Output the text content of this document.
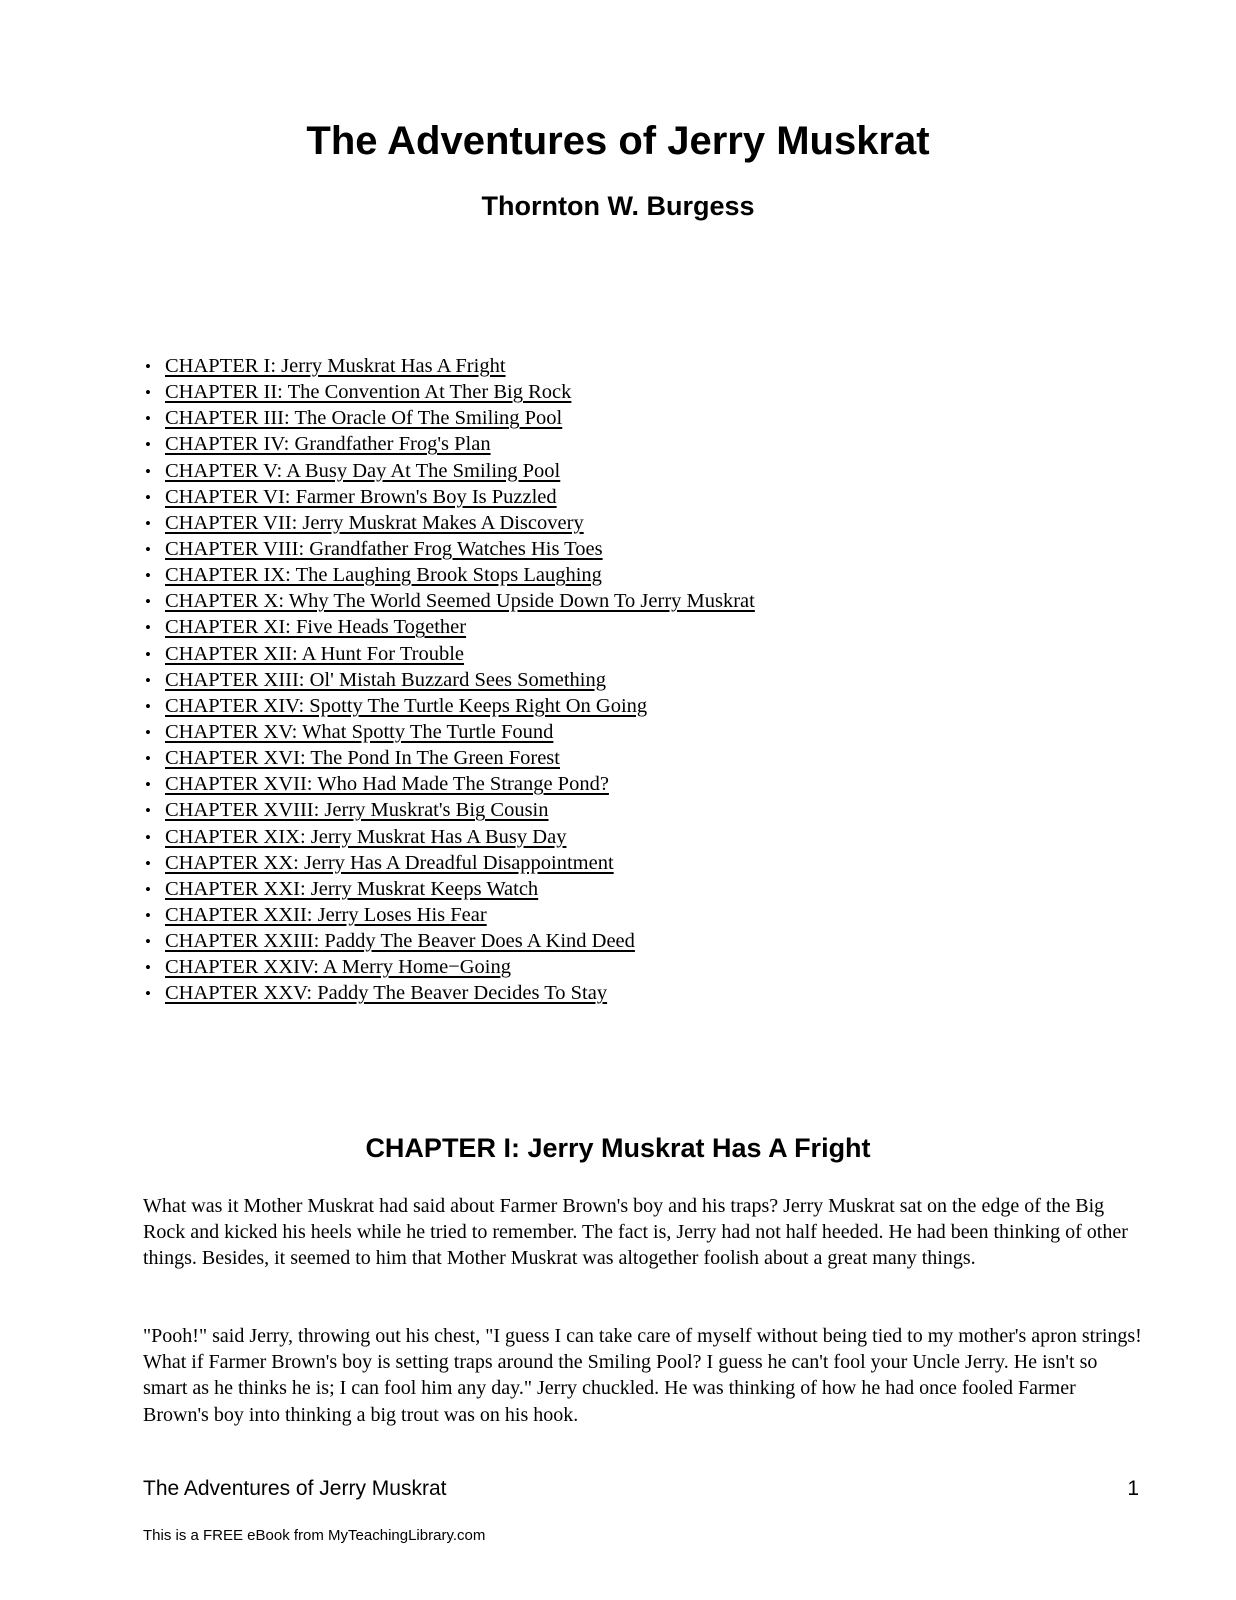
The Adventures of Jerry Muskrat
Thornton W. Burgess
• CHAPTER I: Jerry Muskrat Has A Fright
• CHAPTER II: The Convention At Ther Big Rock
• CHAPTER III: The Oracle Of The Smiling Pool
• CHAPTER IV: Grandfather Frog's Plan
• CHAPTER V: A Busy Day At The Smiling Pool
• CHAPTER VI: Farmer Brown's Boy Is Puzzled
• CHAPTER VII: Jerry Muskrat Makes A Discovery
• CHAPTER VIII: Grandfather Frog Watches His Toes
• CHAPTER IX: The Laughing Brook Stops Laughing
• CHAPTER X: Why The World Seemed Upside Down To Jerry Muskrat
• CHAPTER XI: Five Heads Together
• CHAPTER XII: A Hunt For Trouble
• CHAPTER XIII: Ol' Mistah Buzzard Sees Something
• CHAPTER XIV: Spotty The Turtle Keeps Right On Going
• CHAPTER XV: What Spotty The Turtle Found
• CHAPTER XVI: The Pond In The Green Forest
• CHAPTER XVII: Who Had Made The Strange Pond?
• CHAPTER XVIII: Jerry Muskrat's Big Cousin
• CHAPTER XIX: Jerry Muskrat Has A Busy Day
• CHAPTER XX: Jerry Has A Dreadful Disappointment
• CHAPTER XXI: Jerry Muskrat Keeps Watch
• CHAPTER XXII: Jerry Loses His Fear
• CHAPTER XXIII: Paddy The Beaver Does A Kind Deed
• CHAPTER XXIV: A Merry Home−Going
• CHAPTER XXV: Paddy The Beaver Decides To Stay
CHAPTER I: Jerry Muskrat Has A Fright

What was it Mother Muskrat had said about Farmer Brown's boy and his traps? Jerry Muskrat sat on the edge of the Big Rock and kicked his heels while he tried to remember. The fact is, Jerry had not half heeded. He had been thinking of other things. Besides, it seemed to him that Mother Muskrat was altogether foolish about a great many things.

"Pooh!" said Jerry, throwing out his chest, "I guess I can take care of myself without being tied to my mother's apron strings! What if Farmer Brown's boy is setting traps around the Smiling Pool? I guess he can't fool your Uncle Jerry. He isn't so smart as he thinks he is; I can fool him any day." Jerry chuckled. He was thinking of how he had once fooled Farmer Brown's boy into thinking a big trout was on his hook.

The Adventures of Jerry Muskrat	1

This is a FREE eBook from MyTeachingLibrary.com
